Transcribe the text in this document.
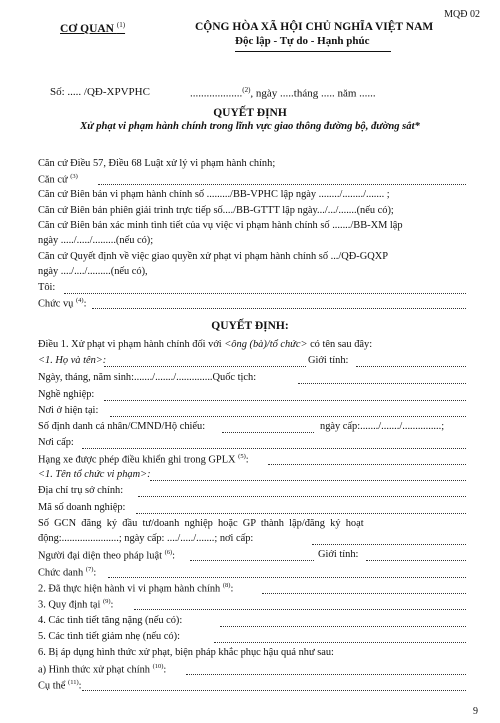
MQĐ 02
CƠ QUAN $^{(1)}$	CỘNG HÒA XÃ HỘI CHỦ NGHĨA VIỆT NAM
Độc lập - Tự do - Hạnh phúc
Số: ..... /QĐ-XPVPHC	...................$^{(2)}$, ngày .....tháng ..... năm ......
QUYẾT ĐỊNH
Xử phạt vi phạm hành chính trong lĩnh vực giao thông đường bộ, đường sắt*
Căn cứ Điều 57, Điều 68 Luật xử lý vi phạm hành chính;
Căn cứ $^{(3)}$
Căn cứ Biên bản vi phạm hành chính số ........./BB-VPHC lập ngày ......../......../....... ;
Căn cứ Biên bản phiên giải trình trực tiếp số..../BB-GTTT lập ngày.../.../.......(nếu có);
Căn cứ Biên bản xác minh tình tiết của vụ việc vi phạm hành chính số ......./BB-XM lập
ngày ...../...../.........(nếu có);
Căn cứ Quyết định về việc giao quyền xử phạt vi phạm hành chính số .../QĐ-GQXP
ngày ..../..../.........(nếu có),
Tôi:
Chức vụ $^{(4)}$:
QUYẾT ĐỊNH:
Điều 1. Xử phạt vi phạm hành chính đối với <ông (bà)/tổ chức> có tên sau đây:
<1. Họ và tên>:	Giới tính:
Ngày, tháng, năm sinh:......./......./..............Quốc tịch:
Nghề nghiệp:
Nơi ở hiện tại:
Số định danh cá nhân/CMND/Hộ chiếu:	ngày cấp:......./......./...............;
Nơi cấp:
Hạng xe được phép điều khiển ghi trong GPLX $^{(5)}$:
<1. Tên tổ chức vi phạm>:
Địa chỉ trụ sở chính:
Mã số doanh nghiệp:
Số GCN đăng ký đầu tư/doanh nghiệp hoặc GP thành lập/đăng ký hoạt
động:......................; ngày cấp: ..../...../.......; nơi cấp:
Người đại diện theo pháp luật $^{(6)}$:	Giới tính:
Chức danh $^{(7)}$:
2. Đã thực hiện hành vi vi phạm hành chính $^{(8)}$:
3. Quy định tại $^{(9)}$:
4. Các tình tiết tăng nặng (nếu có):
5. Các tình tiết giảm nhẹ (nếu có):
6. Bị áp dụng hình thức xử phạt, biện pháp khắc phục hậu quả như sau:
a) Hình thức xử phạt chính $^{(10)}$:
Cụ thể $^{(11)}$:
9
